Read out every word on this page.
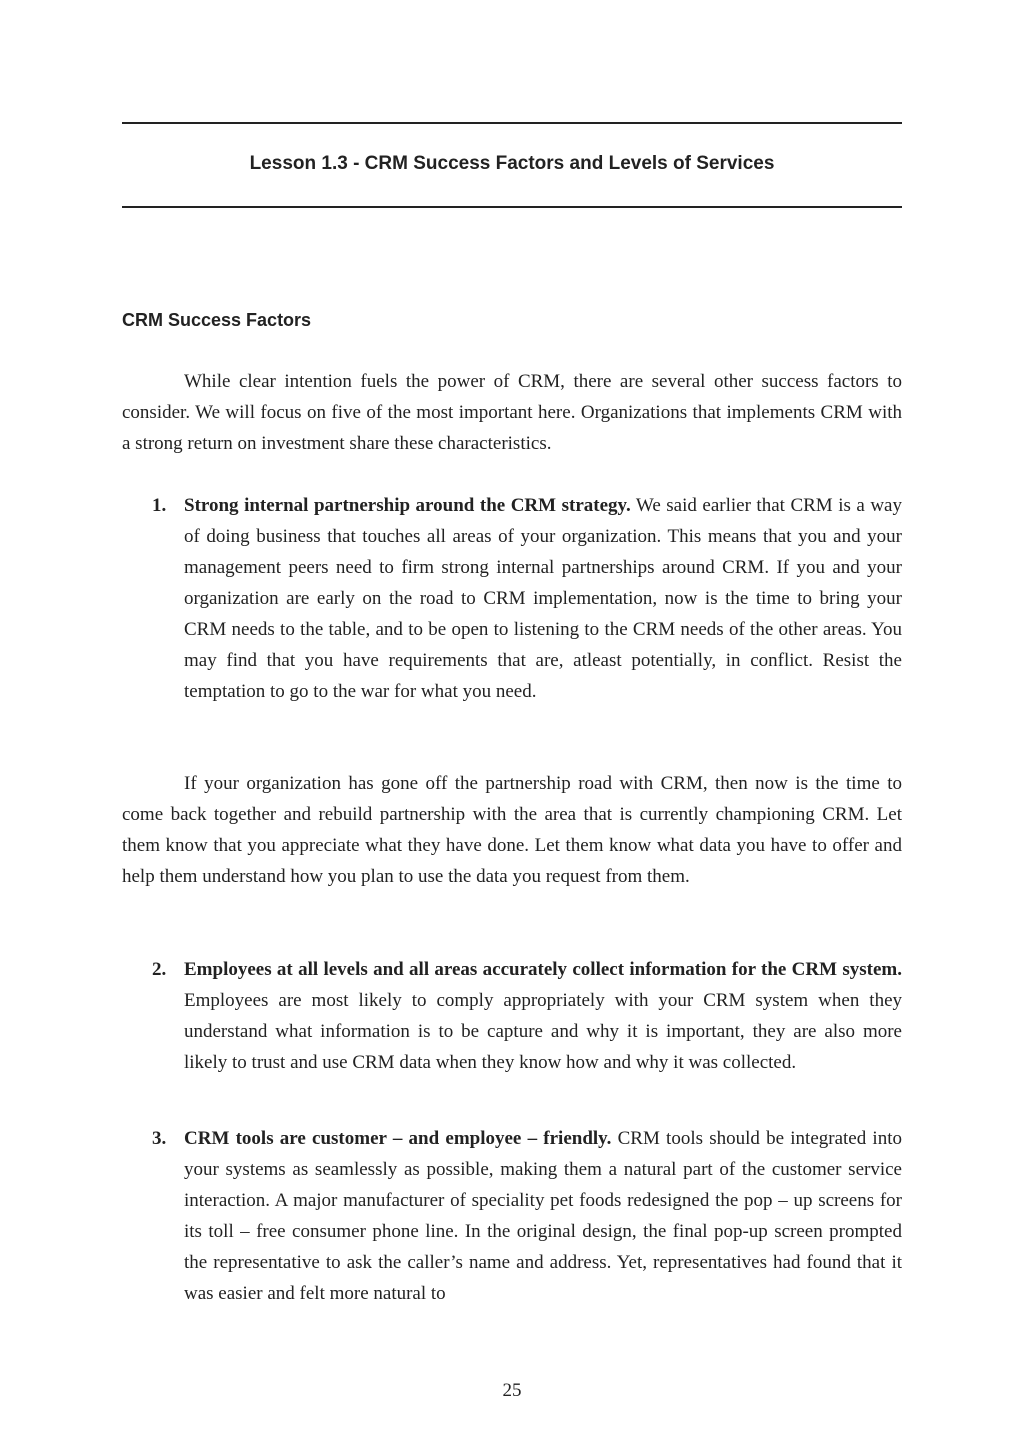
Lesson 1.3 - CRM Success Factors and Levels of Services
CRM Success Factors

While clear intention fuels the power of CRM, there are several other success factors to consider. We will focus on five of the most important here. Organizations that implements CRM with a strong return on investment share these characteristics.

1. Strong internal partnership around the CRM strategy. We said earlier that CRM is a way of doing business that touches all areas of your organization. This means that you and your management peers need to firm strong internal partnerships around CRM. If you and your organization are early on the road to CRM implementation, now is the time to bring your CRM needs to the table, and to be open to listening to the CRM needs of the other areas. You may find that you have requirements that are, atleast potentially, in conflict. Resist the temptation to go to the war for what you need.

If your organization has gone off the partnership road with CRM, then now is the time to come back together and rebuild partnership with the area that is currently championing CRM. Let them know that you appreciate what they have done. Let them know what data you have to offer and help them understand how you plan to use the data you request from them.

2. Employees at all levels and all areas accurately collect information for the CRM system. Employees are most likely to comply appropriately with your CRM system when they understand what information is to be capture and why it is important, they are also more likely to trust and use CRM data when they know how and why it was collected.

3. CRM tools are customer – and employee – friendly. CRM tools should be integrated into your systems as seamlessly as possible, making them a natural part of the customer service interaction. A major manufacturer of speciality pet foods redesigned the pop – up screens for its toll – free consumer phone line. In the original design, the final pop-up screen prompted the representative to ask the caller’s name and address. Yet, representatives had found that it was easier and felt more natural to

25
